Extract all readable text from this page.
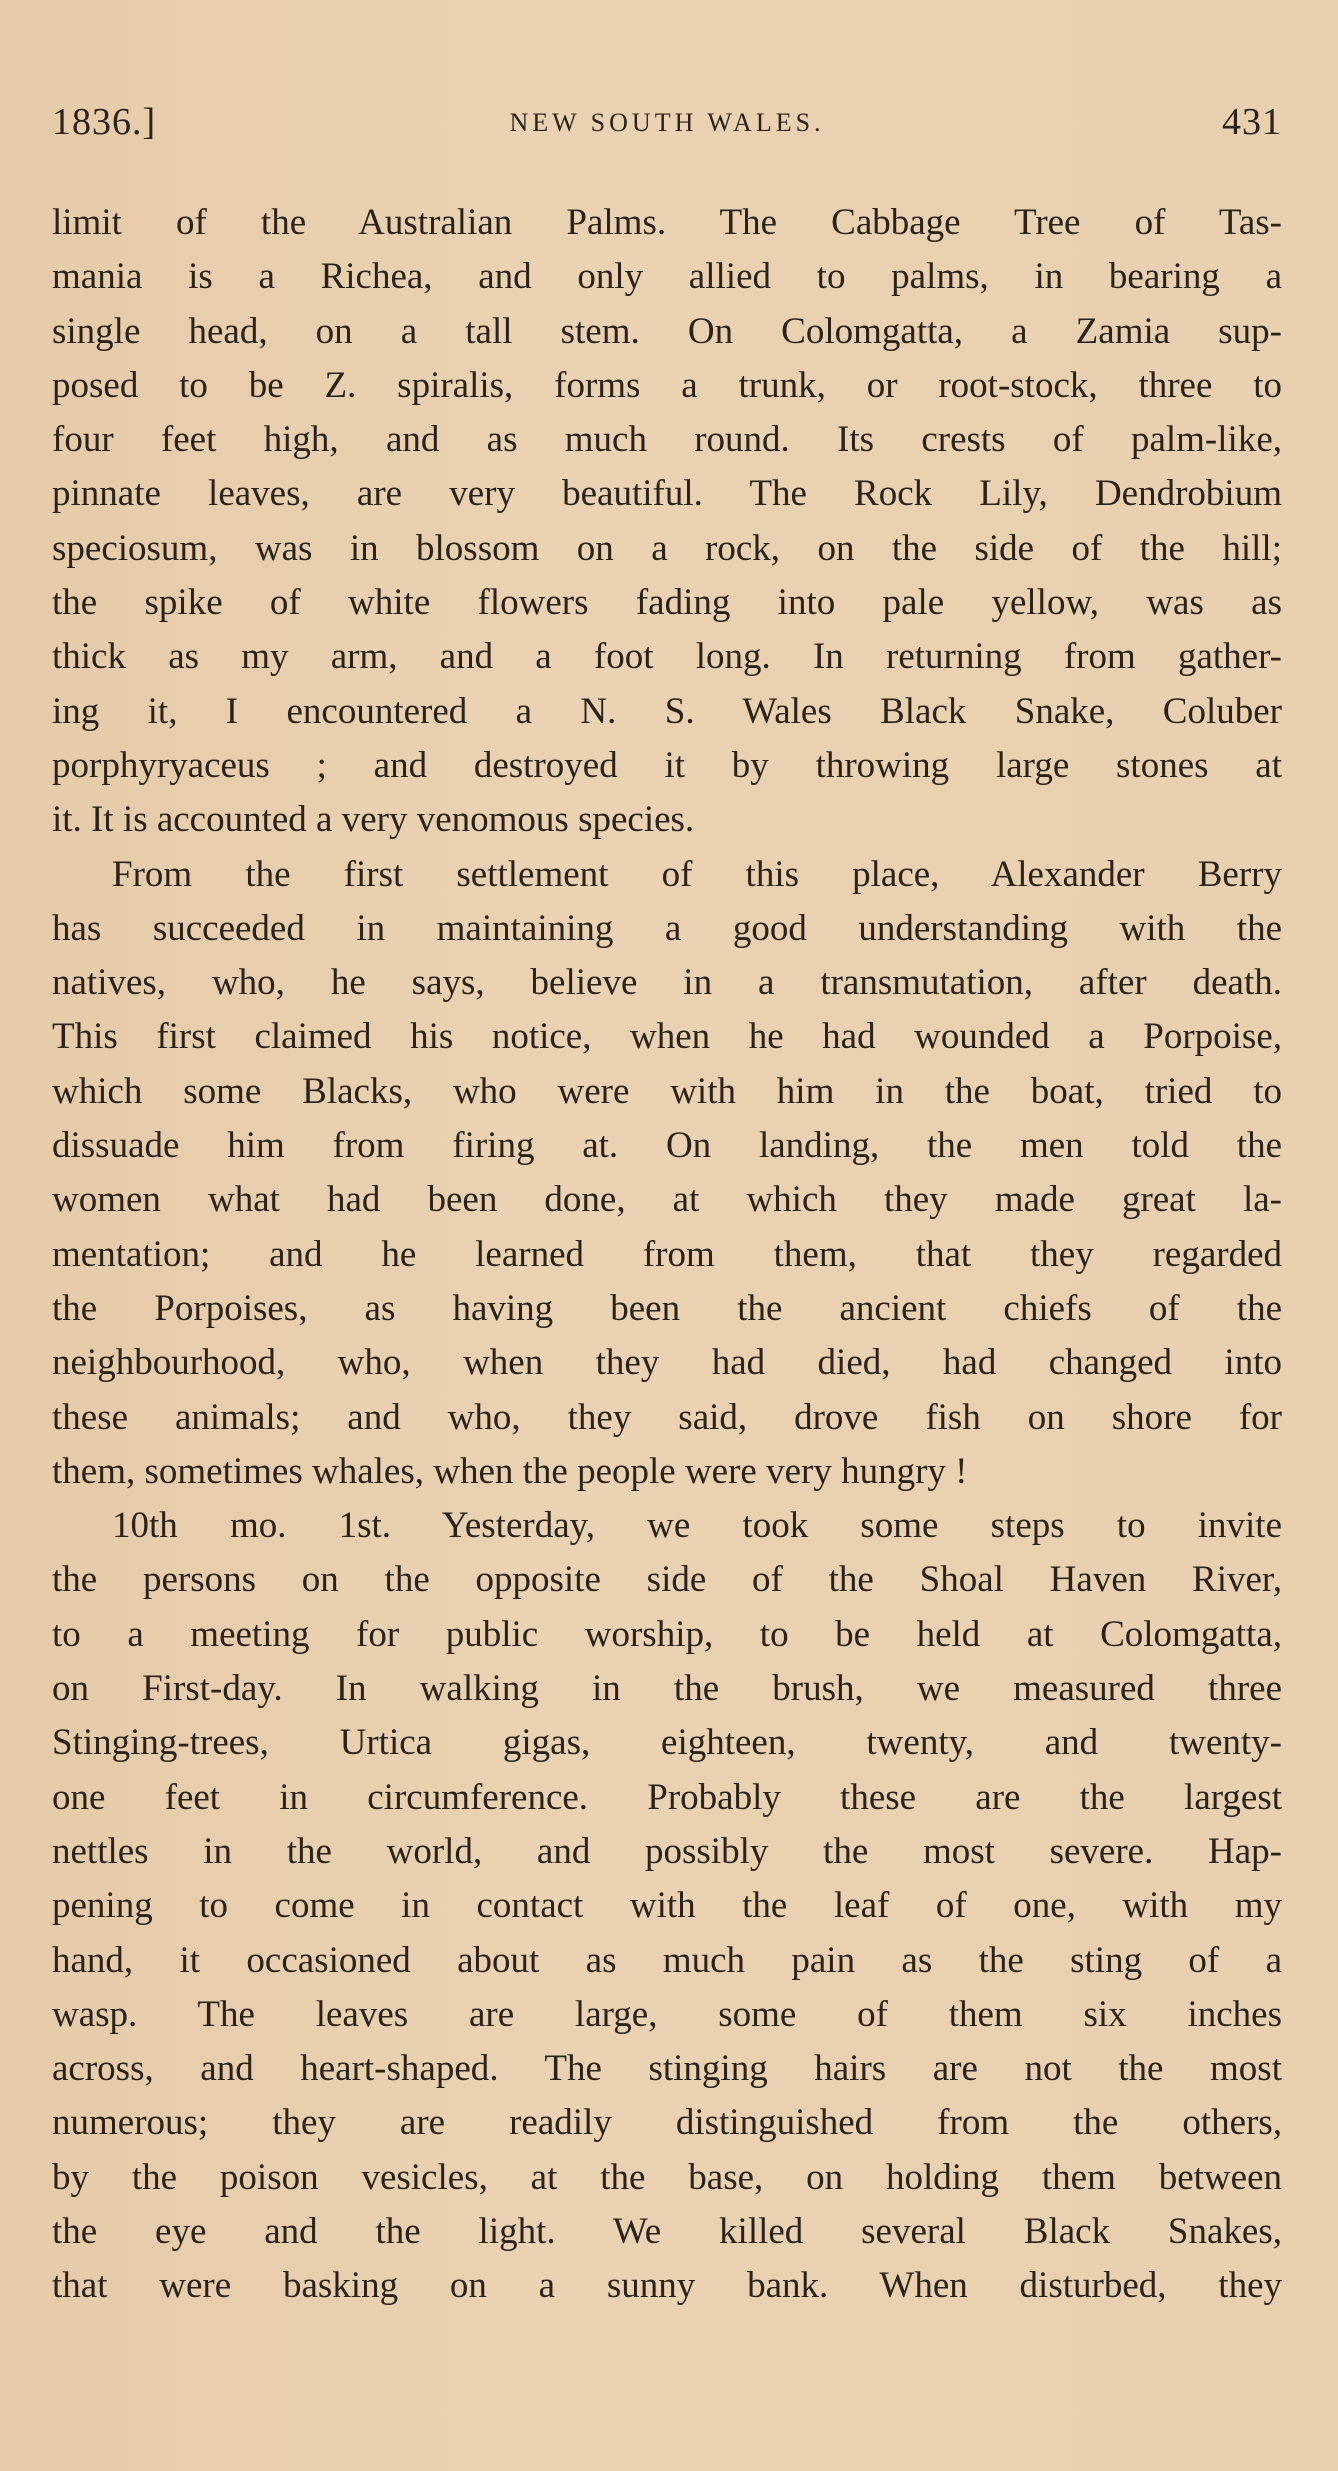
1836.]	NEW SOUTH WALES.	431
limit of the Australian Palms. The Cabbage Tree of Tas-
mania is a Richea, and only allied to palms, in bearing a
single head, on a tall stem. On Colomgatta, a Zamia sup-
posed to be Z. spiralis, forms a trunk, or root-stock, three to
four feet high, and as much round. Its crests of palm-like,
pinnate leaves, are very beautiful. The Rock Lily, Dendrobium
speciosum, was in blossom on a rock, on the side of the hill;
the spike of white flowers fading into pale yellow, was as
thick as my arm, and a foot long. In returning from gather-
ing it, I encountered a N. S. Wales Black Snake, Coluber
porphyryaceus ; and destroyed it by throwing large stones at
it. It is accounted a very venomous species.
From the first settlement of this place, Alexander Berry
has succeeded in maintaining a good understanding with the
natives, who, he says, believe in a transmutation, after death.
This first claimed his notice, when he had wounded a Porpoise,
which some Blacks, who were with him in the boat, tried to
dissuade him from firing at. On landing, the men told the
women what had been done, at which they made great la-
mentation; and he learned from them, that they regarded
the Porpoises, as having been the ancient chiefs of the
neighbourhood, who, when they had died, had changed into
these animals; and who, they said, drove fish on shore for
them, sometimes whales, when the people were very hungry !
10th mo. 1st. Yesterday, we took some steps to invite
the persons on the opposite side of the Shoal Haven River,
to a meeting for public worship, to be held at Colomgatta,
on First-day. In walking in the brush, we measured three
Stinging-trees, Urtica gigas, eighteen, twenty, and twenty-
one feet in circumference. Probably these are the largest
nettles in the world, and possibly the most severe. Hap-
pening to come in contact with the leaf of one, with my
hand, it occasioned about as much pain as the sting of a
wasp. The leaves are large, some of them six inches
across, and heart-shaped. The stinging hairs are not the most
numerous; they are readily distinguished from the others,
by the poison vesicles, at the base, on holding them between
the eye and the light. We killed several Black Snakes,
that were basking on a sunny bank. When disturbed, they
